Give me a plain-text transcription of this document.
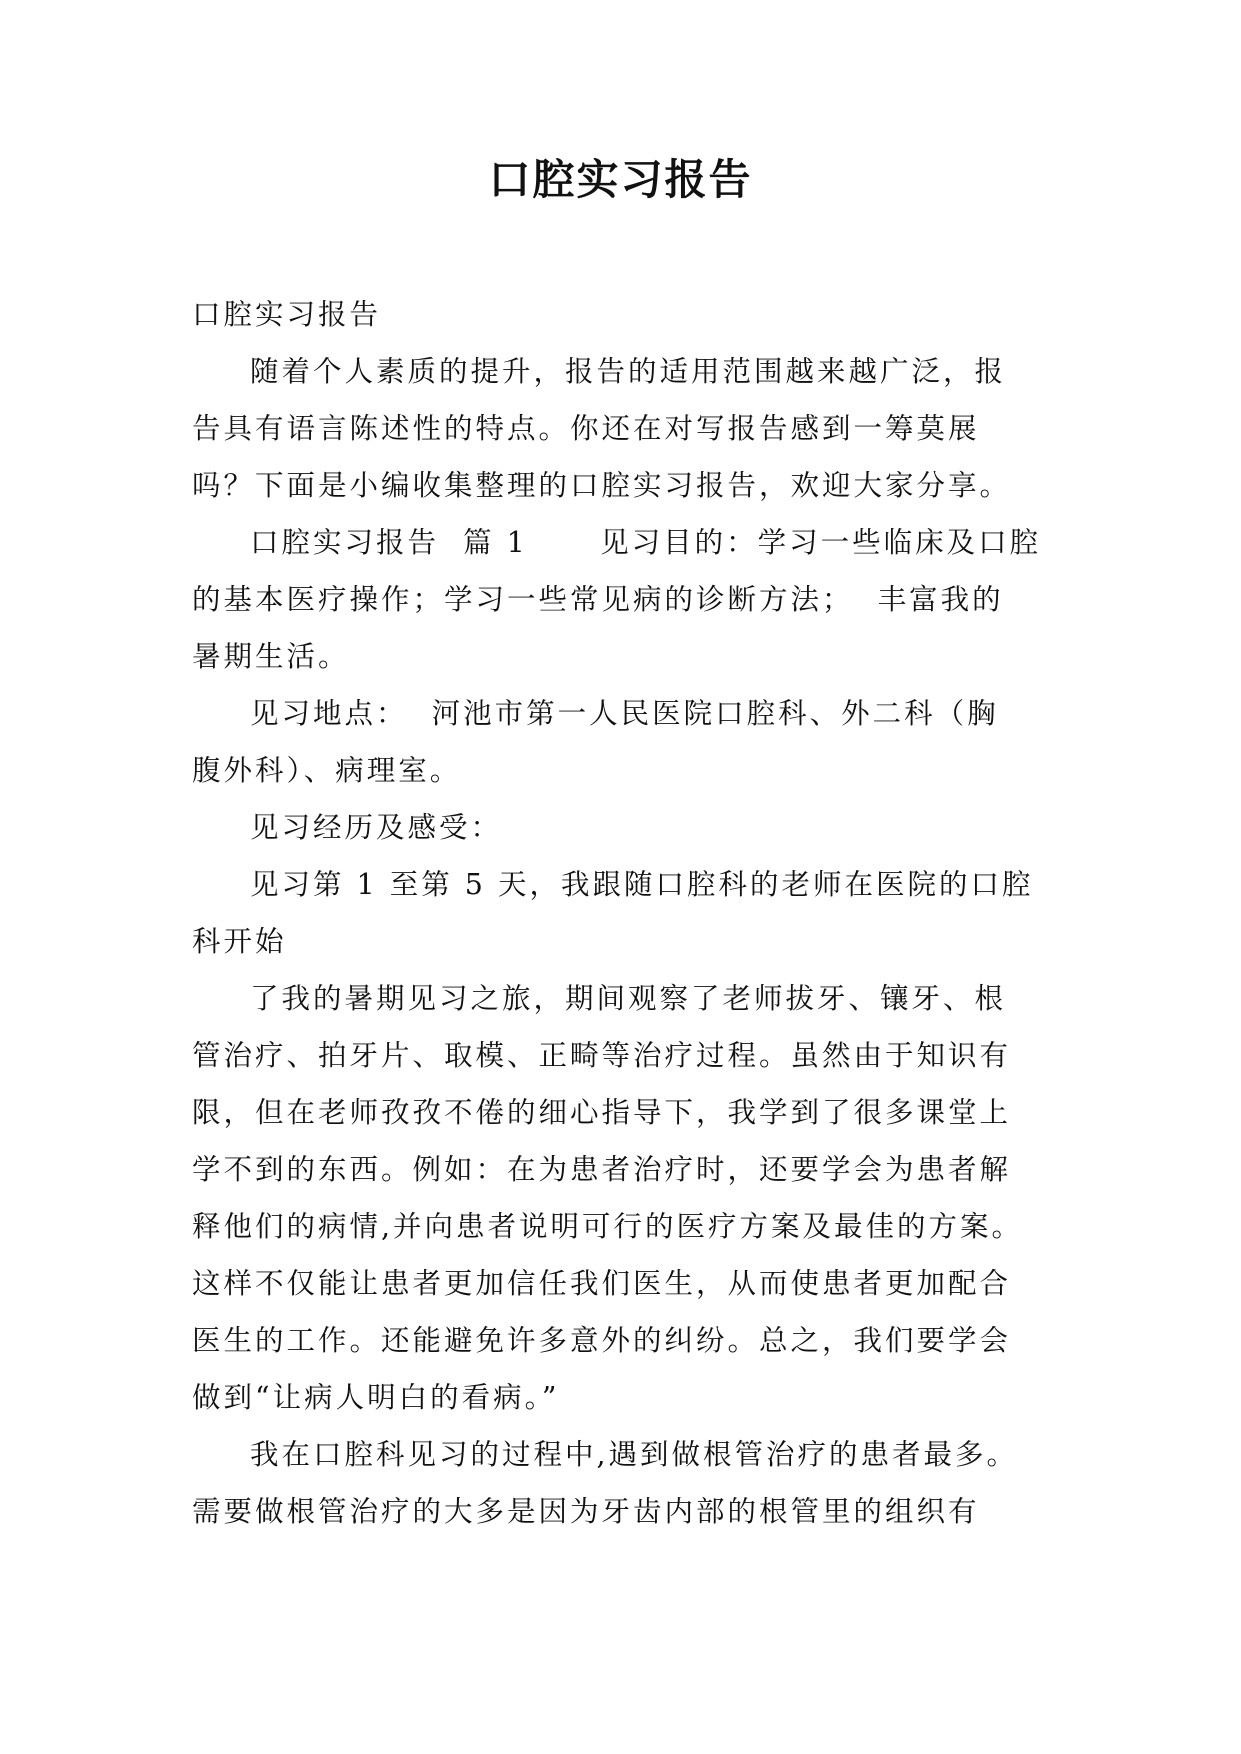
口腔实习报告

口腔实习报告

随着个人素质的提升，报告的适用范围越来越广泛，报

告具有语言陈述性的特点。你还在对写报告感到一筹莫展

吗？下面是小编收集整理的口腔实习报告，欢迎大家分享。

口腔实习报告  篇 1      见习目的：学习一些临床及口腔

的基本医疗操作；学习一些常见病的诊断方法；  丰富我的

暑期生活。

见习地点：  河池市第一人民医院口腔科、外二科（胸

腹外科）、病理室。

见习经历及感受：

见习第 1 至第 5 天，我跟随口腔科的老师在医院的口腔

科开始

了我的暑期见习之旅，期间观察了老师拔牙、镶牙、根

管治疗、拍牙片、取模、正畸等治疗过程。虽然由于知识有

限，但在老师孜孜不倦的细心指导下，我学到了很多课堂上

学不到的东西。例如：在为患者治疗时，还要学会为患者解

释他们的病情,并向患者说明可行的医疗方案及最佳的方案。

这样不仅能让患者更加信任我们医生，从而使患者更加配合

医生的工作。还能避免许多意外的纠纷。总之，我们要学会

做到“让病人明白的看病。”

我在口腔科见习的过程中,遇到做根管治疗的患者最多。

需要做根管治疗的大多是因为牙齿内部的根管里的组织有
